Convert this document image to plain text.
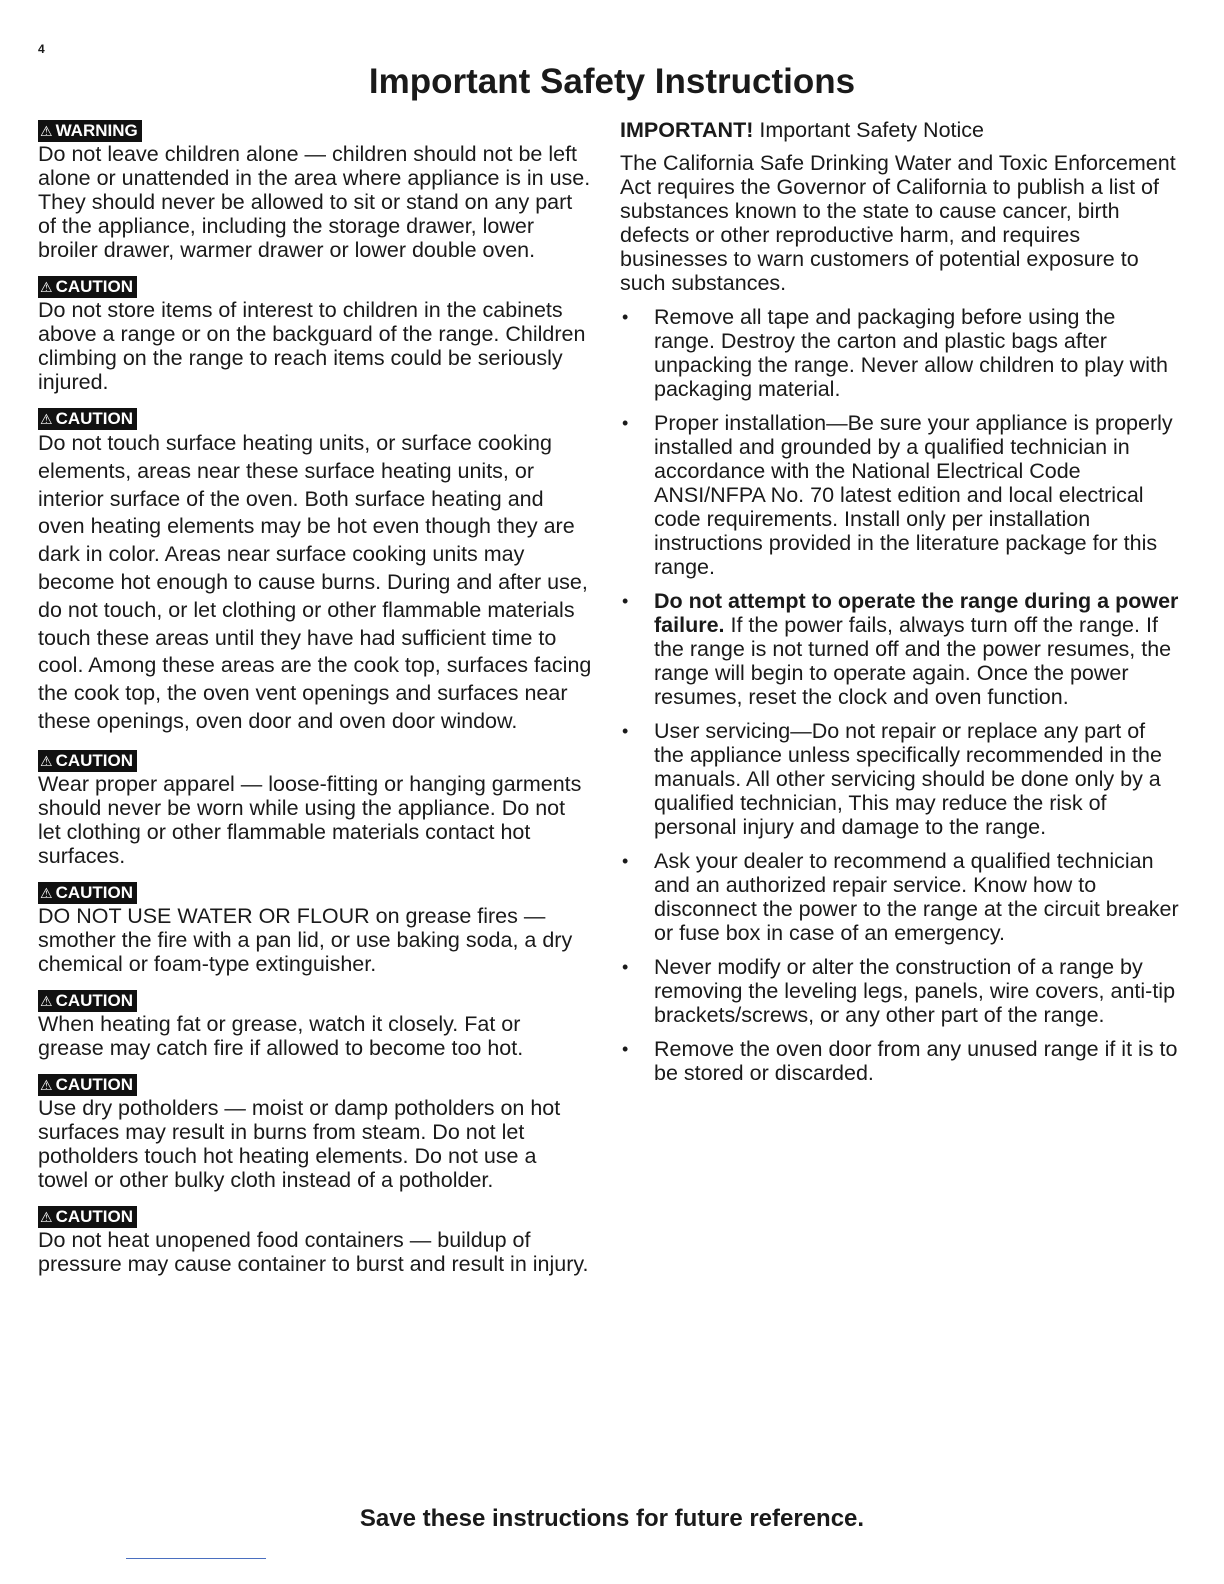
4
Important Safety Instructions
⚠ WARNING

Do not leave children alone — children should not be left alone or unattended in the area where appliance is in use. They should never be allowed to sit or stand on any part of the appliance, including the storage drawer, lower broiler drawer, warmer drawer or lower double oven.

⚠ CAUTION

Do not store items of interest to children in the cabinets above a range or on the backguard of the range. Children climbing on the range to reach items could be seriously injured.

⚠ CAUTION

Do not touch surface heating units, or surface cooking elements, areas near these surface heating units, or interior surface of the oven. Both surface heating and oven heating elements may be hot even though they are dark in color. Areas near surface cooking units may become hot enough to cause burns. During and after use, do not touch, or let clothing or other flammable materials touch these areas until they have had sufficient time to cool. Among these areas are the cook top, surfaces facing the cook top, the oven vent openings and surfaces near these openings, oven door and oven door window.

⚠ CAUTION

Wear proper apparel — loose-fitting or hanging garments should never be worn while using the appliance. Do not let clothing or other flammable materials contact hot surfaces.

⚠ CAUTION

DO NOT USE WATER OR FLOUR on grease fires — smother the fire with a pan lid, or use baking soda, a dry chemical or foam-type extinguisher.

⚠ CAUTION

When heating fat or grease, watch it closely. Fat or grease may catch fire if allowed to become too hot.

⚠ CAUTION

Use dry potholders — moist or damp potholders on hot surfaces may result in burns from steam. Do not let potholders touch hot heating elements. Do not use a towel or other bulky cloth instead of a potholder.

⚠ CAUTION

Do not heat unopened food containers — buildup of pressure may cause container to burst and result in injury.

IMPORTANT! Important Safety Notice

The California Safe Drinking Water and Toxic Enforcement Act requires the Governor of California to publish a list of substances known to the state to cause cancer, birth defects or other reproductive harm, and requires businesses to warn customers of potential exposure to such substances.

• Remove all tape and packaging before using the range. Destroy the carton and plastic bags after unpacking the range. Never allow children to play with packaging material.
• Proper installation—Be sure your appliance is properly installed and grounded by a qualified technician in accordance with the National Electrical Code ANSI/NFPA No. 70 latest edition and local electrical code requirements. Install only per installation instructions provided in the literature package for this range.
• Do not attempt to operate the range during a power failure. If the power fails, always turn off the range. If the range is not turned off and the power resumes, the range will begin to operate again. Once the power resumes, reset the clock and oven function.
• User servicing—Do not repair or replace any part of the appliance unless specifically recommended in the manuals. All other servicing should be done only by a qualified technician, This may reduce the risk of personal injury and damage to the range.
• Ask your dealer to recommend a qualified technician and an authorized repair service. Know how to disconnect the power to the range at the circuit breaker or fuse box in case of an emergency.
• Never modify or alter the construction of a range by removing the leveling legs, panels, wire covers, anti-tip brackets/screws, or any other part of the range.
• Remove the oven door from any unused range if it is to be stored or discarded.

Save these instructions for future reference.
